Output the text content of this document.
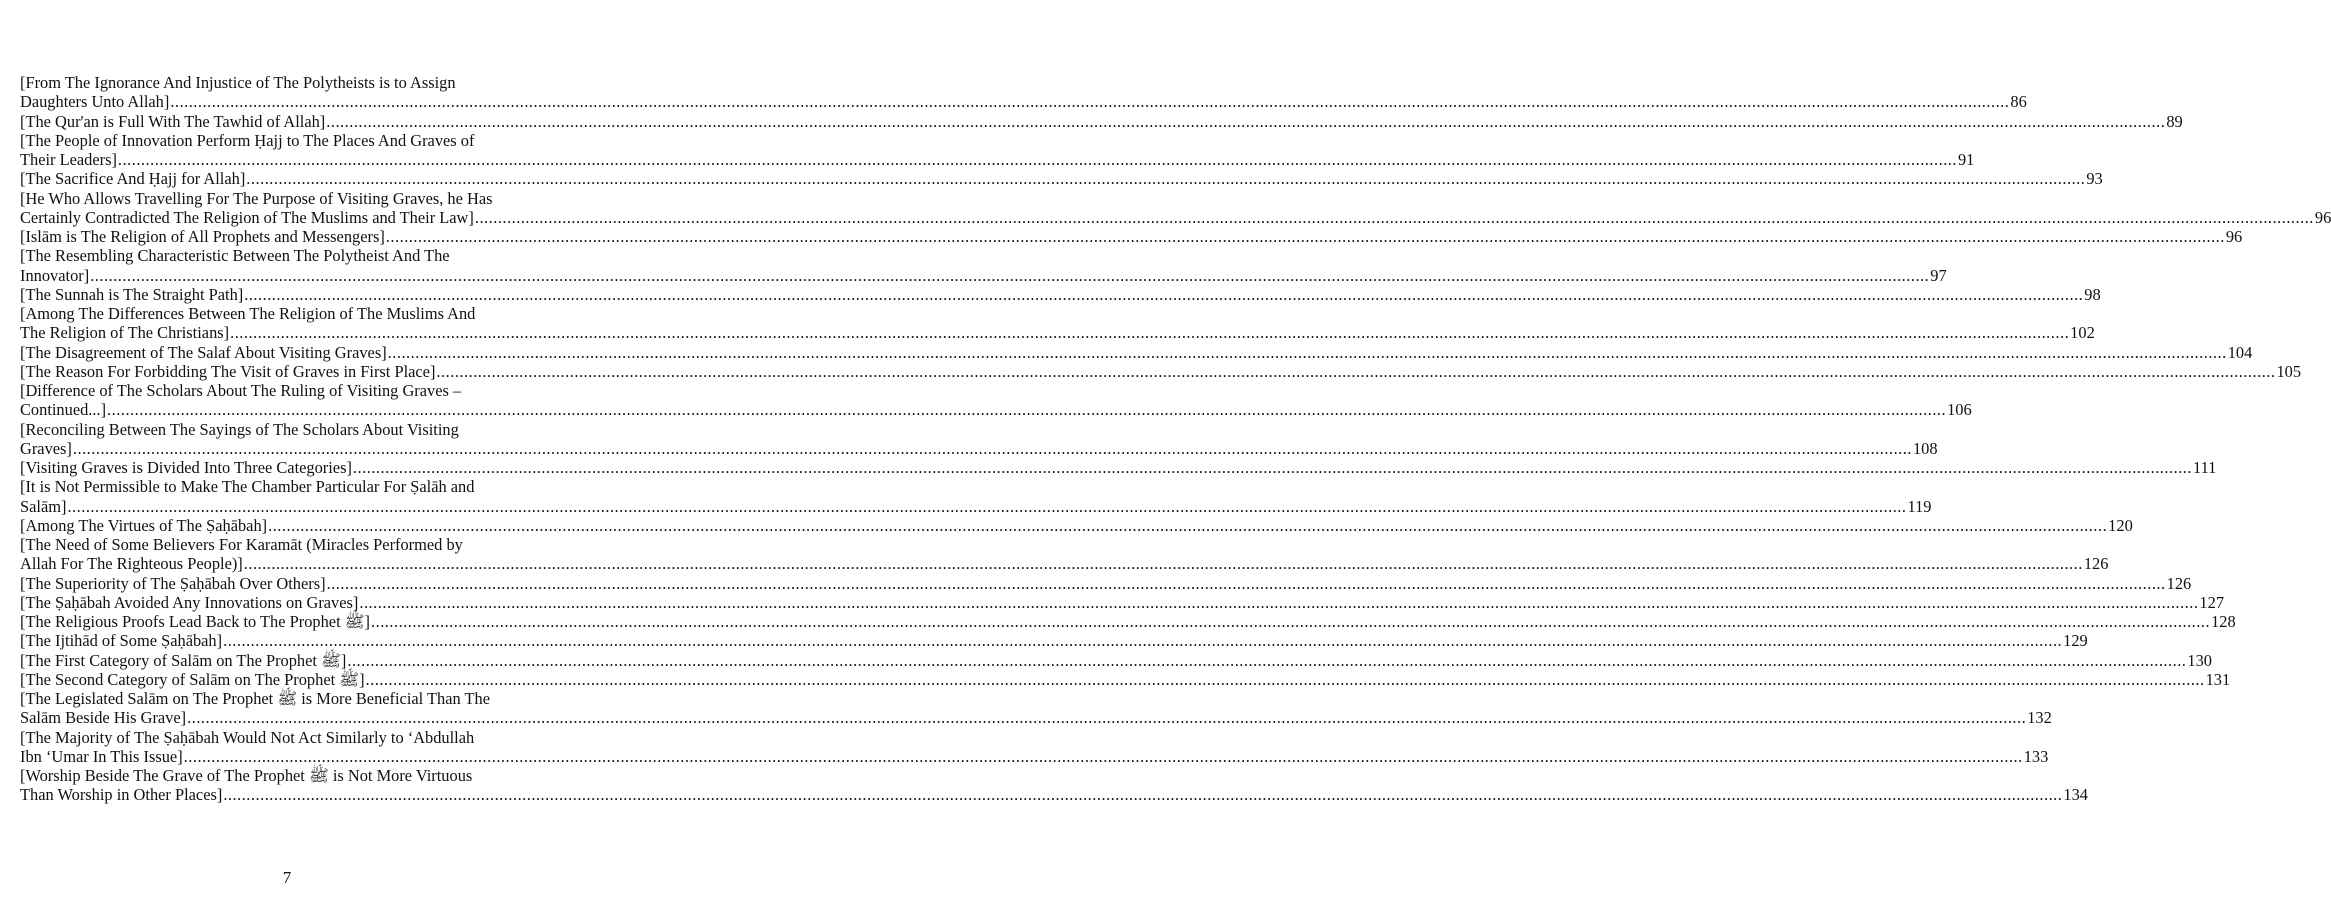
[From The Ignorance And Injustice of The Polytheists is to Assign
Daughters Unto Allah] ................................................................................................................................................................................................................................................................................................................................................................................................................ 86
[The Qur'an is Full With The Tawhid of Allah] ................................................................................................................................................................................................................................................................................................................................................................................................................ 89
[The People of Innovation Perform Ḥajj to The Places And Graves of
Their Leaders] ................................................................................................................................................................................................................................................................................................................................................................................................................ 91
[The Sacrifice And Ḥajj for Allah] ................................................................................................................................................................................................................................................................................................................................................................................................................ 93
[He Who Allows Travelling For The Purpose of Visiting Graves, he Has
Certainly Contradicted The Religion of The Muslims and Their Law] ................................................................................................................................................................................................................................................................................................................................................................................................................ 96
[Islām is The Religion of All Prophets and Messengers] ................................................................................................................................................................................................................................................................................................................................................................................................................ 96
[The Resembling Characteristic Between The Polytheist And The
Innovator] ................................................................................................................................................................................................................................................................................................................................................................................................................ 97
[The Sunnah is The Straight Path] ................................................................................................................................................................................................................................................................................................................................................................................................................ 98
[Among The Differences Between The Religion of The Muslims And
The Religion of The Christians] ................................................................................................................................................................................................................................................................................................................................................................................................................ 102
[The Disagreement of The Salaf About Visiting Graves] ................................................................................................................................................................................................................................................................................................................................................................................................................ 104
[The Reason For Forbidding The Visit of Graves in First Place] ................................................................................................................................................................................................................................................................................................................................................................................................................ 105
[Difference of The Scholars About The Ruling of Visiting Graves –
Continued...] ................................................................................................................................................................................................................................................................................................................................................................................................................ 106
[Reconciling Between The Sayings of The Scholars About Visiting
Graves] ................................................................................................................................................................................................................................................................................................................................................................................................................ 108
[Visiting Graves is Divided Into Three Categories] ................................................................................................................................................................................................................................................................................................................................................................................................................ 111
[It is Not Permissible to Make The Chamber Particular For Ṣalāh and
Salām] ................................................................................................................................................................................................................................................................................................................................................................................................................ 119
[Among The Virtues of The Ṣaḥābah] ................................................................................................................................................................................................................................................................................................................................................................................................................ 120
[The Need of Some Believers For Karamāt (Miracles Performed by
Allah For The Righteous People)] ................................................................................................................................................................................................................................................................................................................................................................................................................ 126
[The Superiority of The Ṣaḥābah Over Others] ................................................................................................................................................................................................................................................................................................................................................................................................................ 126
[The Ṣaḥābah Avoided Any Innovations on Graves] ................................................................................................................................................................................................................................................................................................................................................................................................................ 127
[The Religious Proofs Lead Back to The Prophet ﷺ] ................................................................................................................................................................................................................................................................................................................................................................................................................ 128
[The Ijtihād of Some Ṣaḥābah] ................................................................................................................................................................................................................................................................................................................................................................................................................ 129
[The First Category of Salām on The Prophet ﷺ] ................................................................................................................................................................................................................................................................................................................................................................................................................ 130
[The Second Category of Salām on The Prophet ﷺ] ................................................................................................................................................................................................................................................................................................................................................................................................................ 131
[The Legislated Salām on The Prophet ﷺ is More Beneficial Than The
Salām Beside His Grave] ................................................................................................................................................................................................................................................................................................................................................................................................................ 132
[The Majority of The Ṣaḥābah Would Not Act Similarly to ‘Abdullah
Ibn ‘Umar In This Issue] ................................................................................................................................................................................................................................................................................................................................................................................................................ 133
[Worship Beside The Grave of The Prophet ﷺ is Not More Virtuous
Than Worship in Other Places] ................................................................................................................................................................................................................................................................................................................................................................................................................ 134
7
